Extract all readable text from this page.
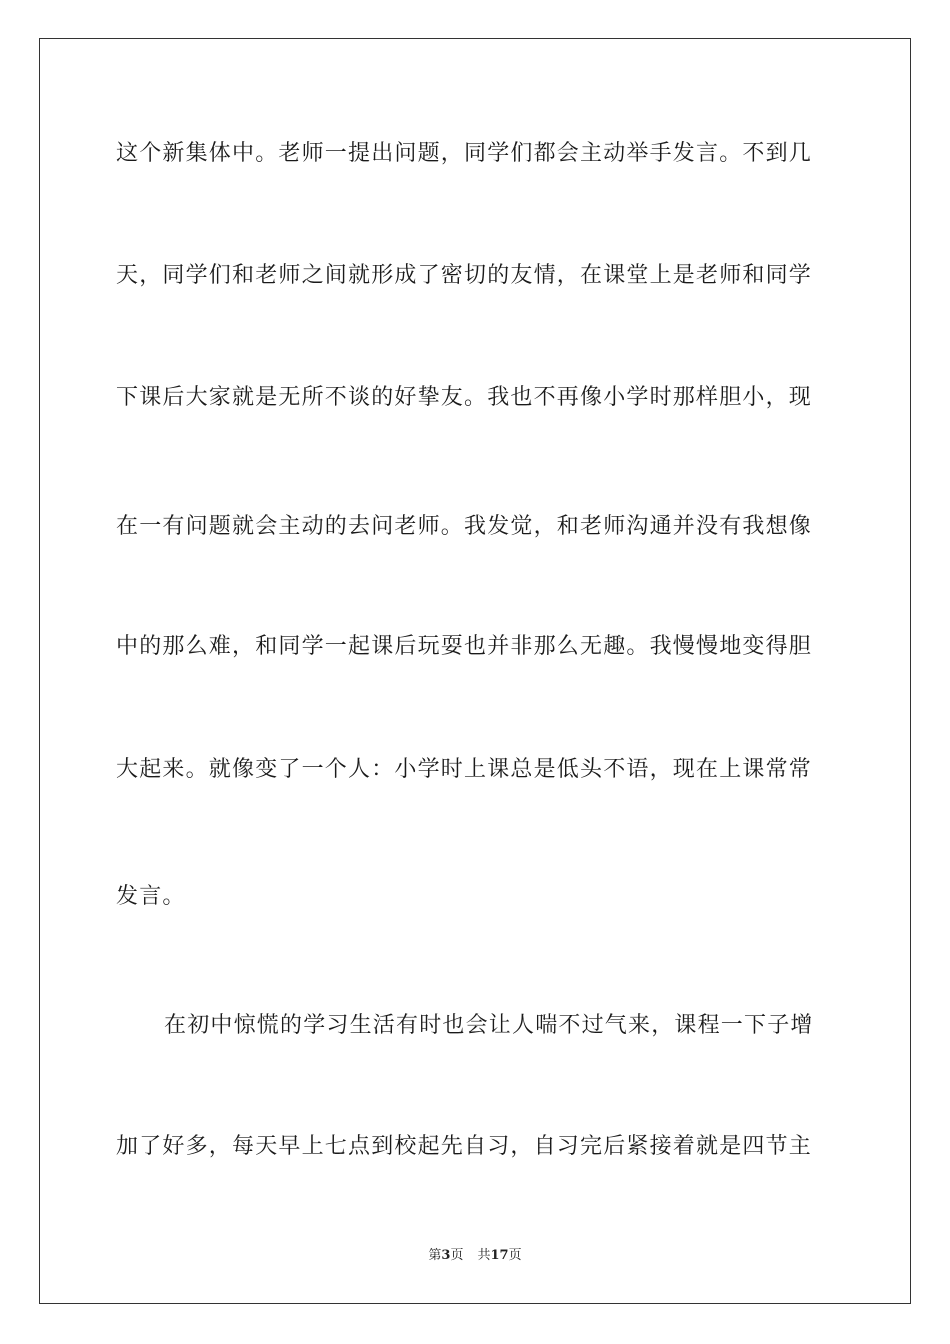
这个新集体中。老师一提出问题，同学们都会主动举手发言。不到几
天，同学们和老师之间就形成了密切的友情，在课堂上是老师和同学
下课后大家就是无所不谈的好挚友。我也不再像小学时那样胆小，现
在一有问题就会主动的去问老师。我发觉，和老师沟通并没有我想像
中的那么难，和同学一起课后玩耍也并非那么无趣。我慢慢地变得胆
大起来。就像变了一个人：小学时上课总是低头不语，现在上课常常
发言。
在初中惊慌的学习生活有时也会让人喘不过气来，课程一下子增
加了好多，每天早上七点到校起先自习，自习完后紧接着就是四节主
第3页 共17页
